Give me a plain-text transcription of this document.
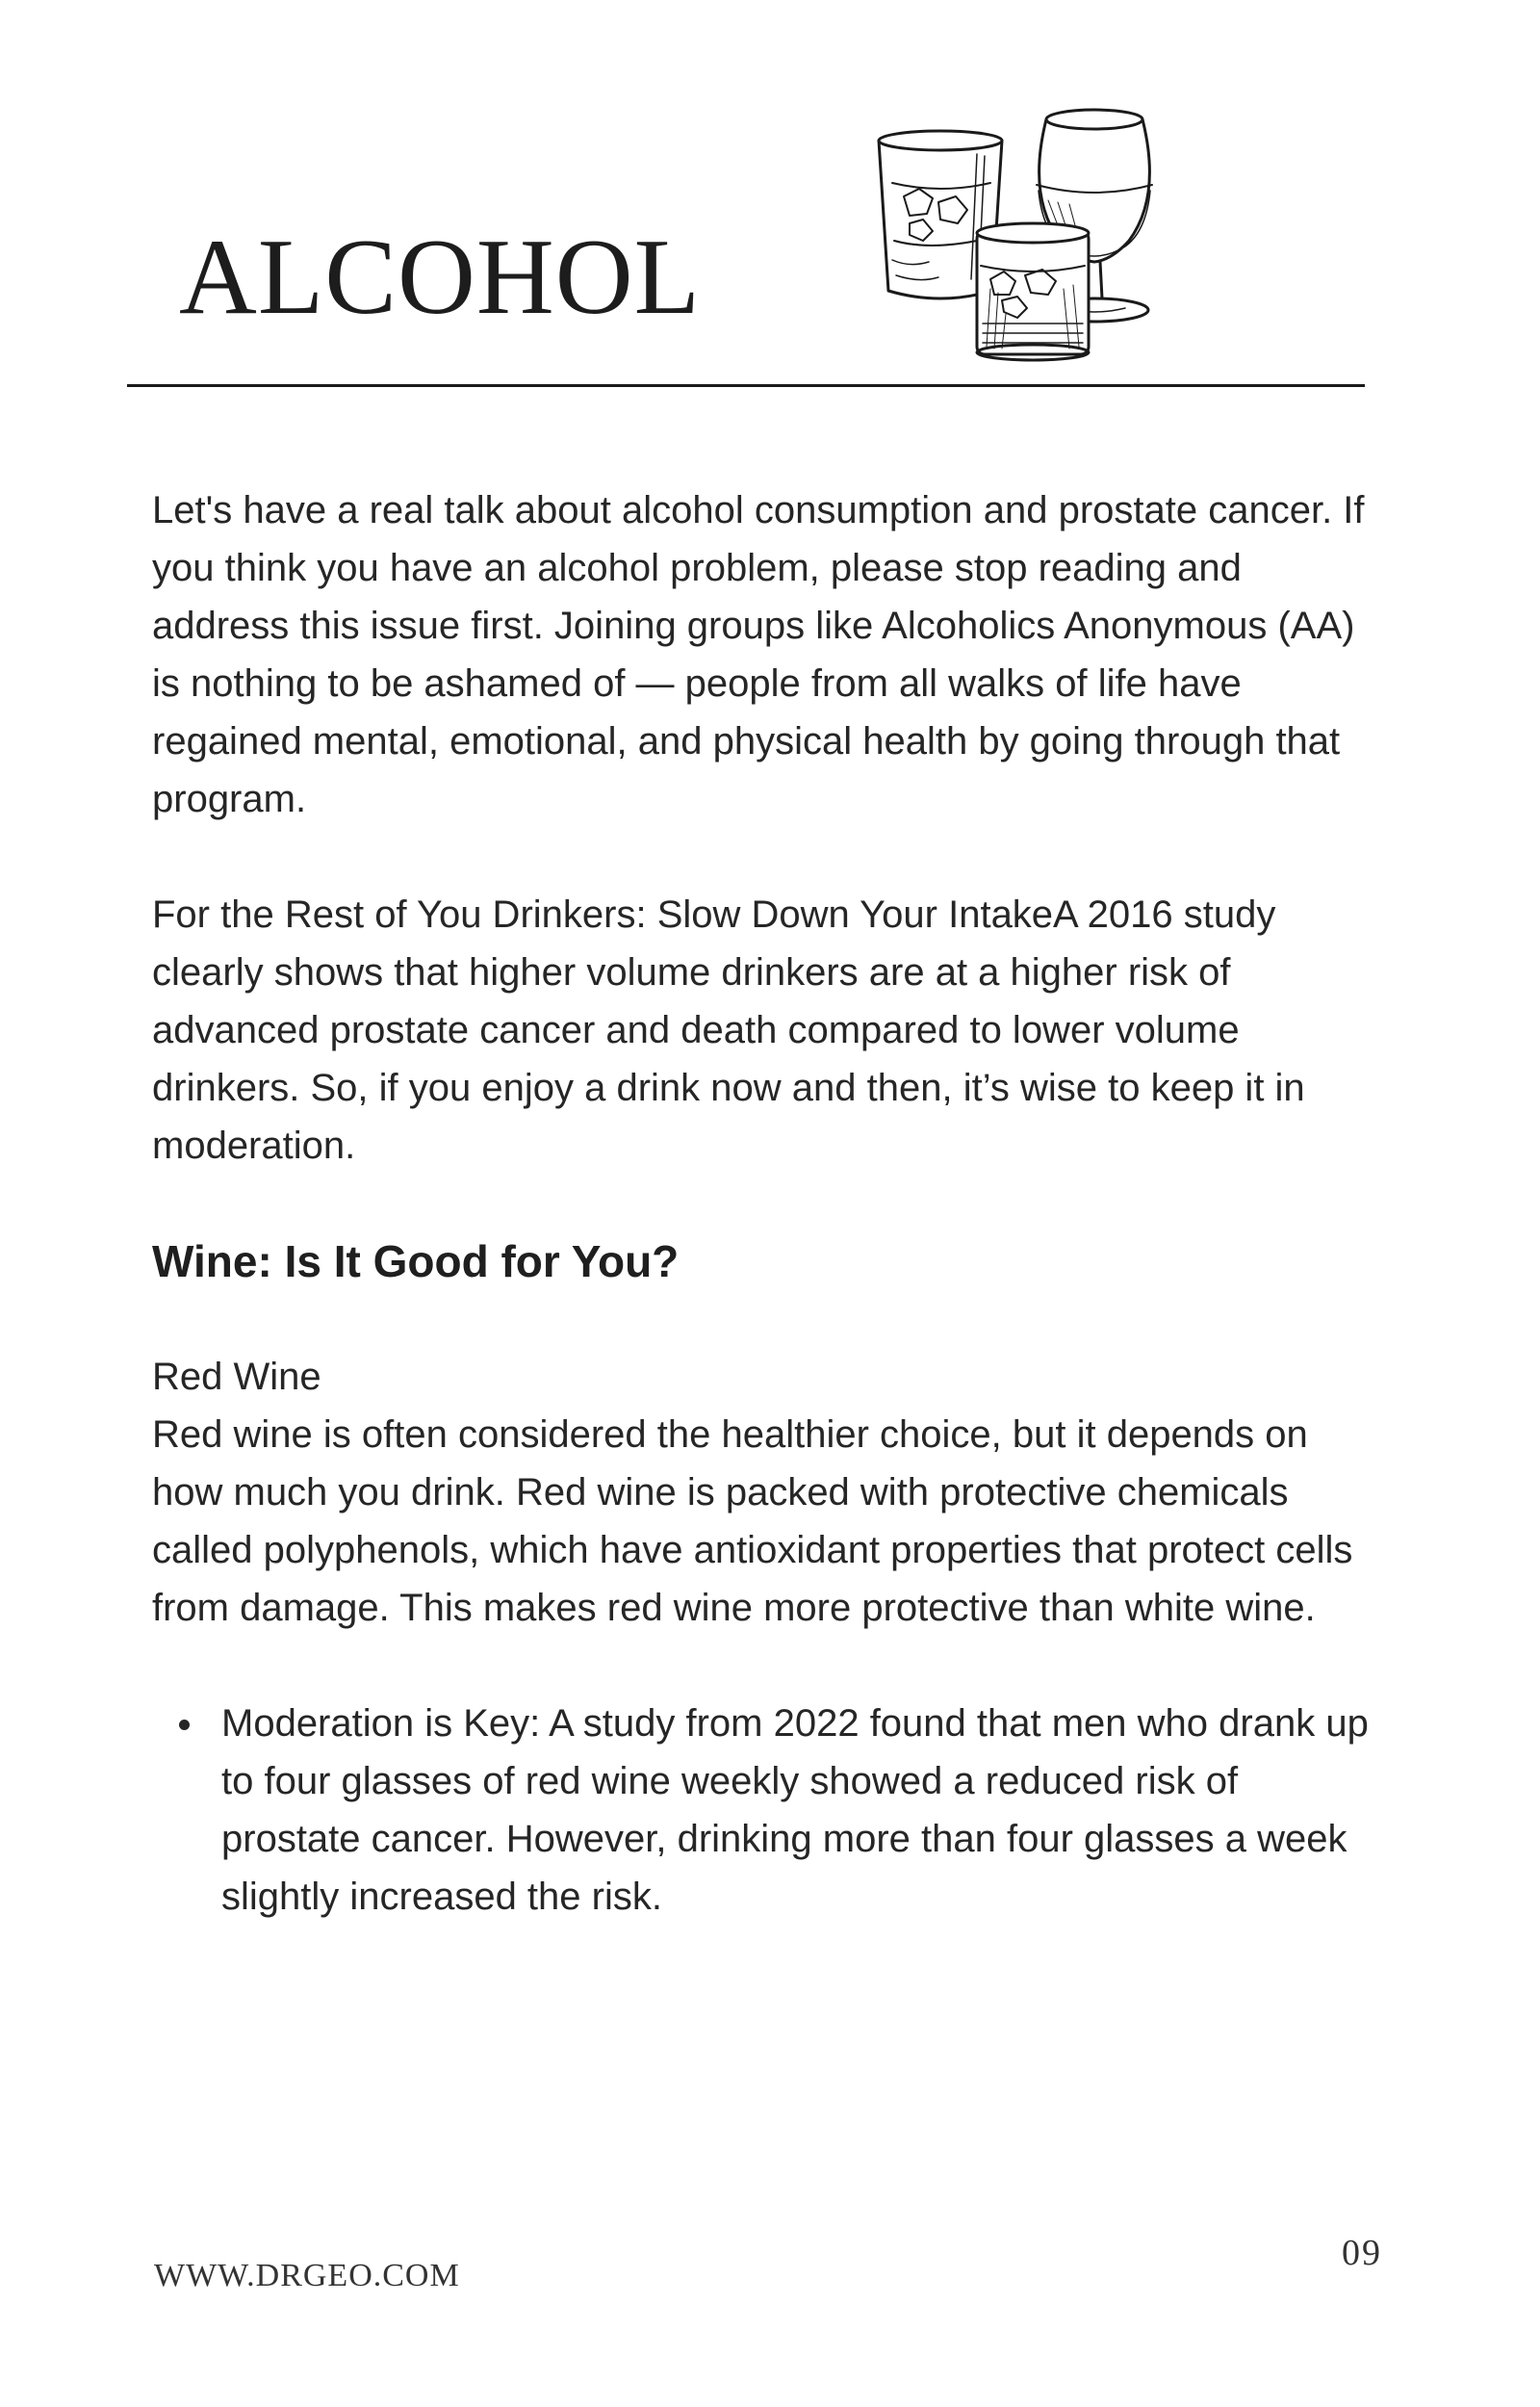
ALCOHOL

Let's have a real talk about alcohol consumption and prostate cancer. If you think you have an alcohol problem, please stop reading and address this issue first. Joining groups like Alcoholics Anonymous (AA) is nothing to be ashamed of — people from all walks of life have regained mental, emotional, and physical health by going through that program.

For the Rest of You Drinkers: Slow Down Your IntakeA 2016 study clearly shows that higher volume drinkers are at a higher risk of advanced prostate cancer and death compared to lower volume drinkers. So, if you enjoy a drink now and then, it’s wise to keep it in moderation.

Wine: Is It Good for You?

Red Wine

Red wine is often considered the healthier choice, but it depends on how much you drink. Red wine is packed with protective chemicals called polyphenols, which have antioxidant properties that protect cells from damage. This makes red wine more protective than white wine.

Moderation is Key: A study from 2022 found that men who drank up to four glasses of red wine weekly showed a reduced risk of prostate cancer. However, drinking more than four glasses a week slightly increased the risk.
WWW.DRGEO.COM
09
